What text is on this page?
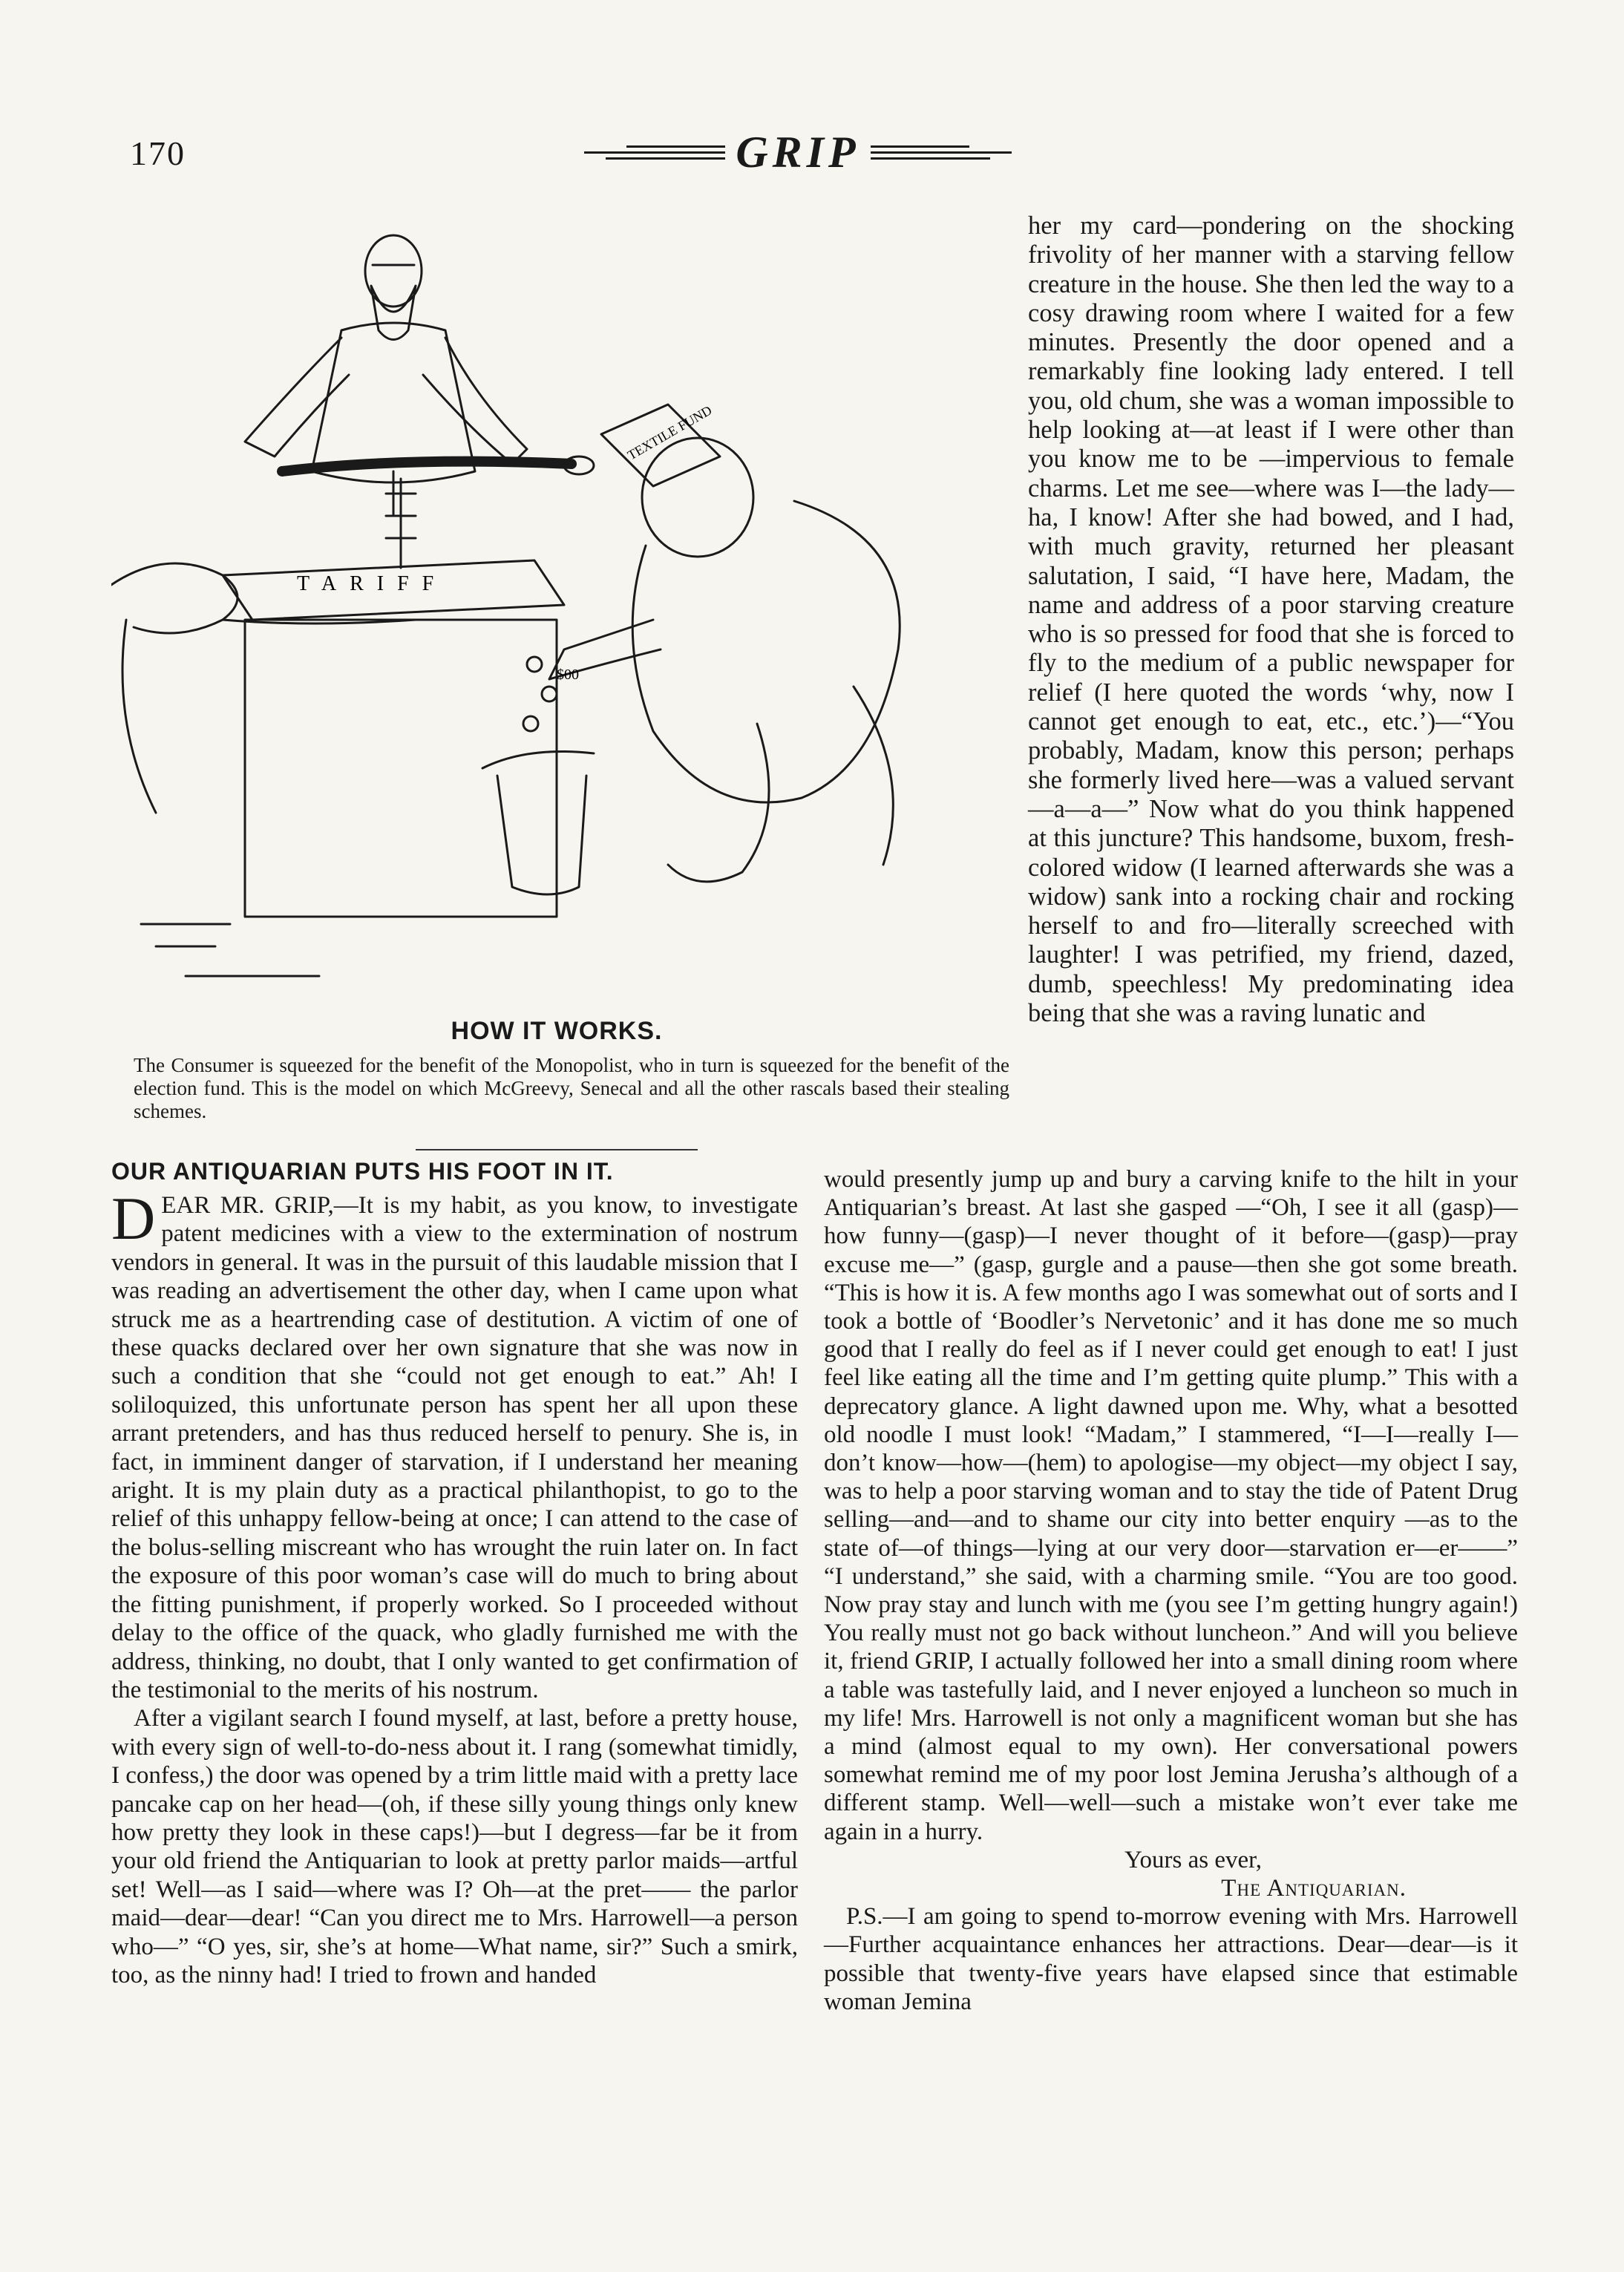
170	GRIP
TARIFF
TEXTILE FUND
$00
HOW IT WORKS.
The Consumer is squeezed for the benefit of the Monopolist, who in turn is squeezed for the benefit of the election fund. This is the model on which McGreevy, Senecal and all the other rascals based their stealing schemes.
her my card—pondering on the shocking frivolity of her manner with a starving fellow creature in the house. She then led the way to a cosy drawing room where I waited for a few minutes. Presently the door opened and a remarkably fine looking lady entered. I tell you, old chum, she was a woman impossible to help looking at—at least if I were other than you know me to be —impervious to female charms. Let me see—where was I—the lady—ha, I know! After she had bowed, and I had, with much gravity, returned her pleasant salutation, I said, “I have here, Madam, the name and address of a poor starving creature who is so pressed for food that she is forced to fly to the medium of a public newspaper for relief (I here quoted the words ‘why, now I cannot get enough to eat, etc., etc.’)—“You probably, Madam, know this person; perhaps she formerly lived here—was a valued servant—a—a—” Now what do you think happened at this juncture? This handsome, buxom, fresh-colored widow (I learned afterwards she was a widow) sank into a rocking chair and rocking herself to and fro—literally screeched with laughter! I was petrified, my friend, dazed, dumb, speechless! My predominating idea being that she was a raving lunatic and
OUR ANTIQUARIAN PUTS HIS FOOT IN IT.

DEAR MR. GRIP,—It is my habit, as you know, to investigate patent medicines with a view to the extermination of nostrum vendors in general. It was in the pursuit of this laudable mission that I was reading an advertisement the other day, when I came upon what struck me as a heartrending case of destitution. A victim of one of these quacks declared over her own signature that she was now in such a condition that she “could not get enough to eat.” Ah! I soliloquized, this unfortunate person has spent her all upon these arrant pretenders, and has thus reduced herself to penury. She is, in fact, in imminent danger of starvation, if I understand her meaning aright. It is my plain duty as a practical philanthopist, to go to the relief of this unhappy fellow-being at once; I can attend to the case of the bolus-selling miscreant who has wrought the ruin later on. In fact the exposure of this poor woman’s case will do much to bring about the fitting punishment, if properly worked. So I proceeded without delay to the office of the quack, who gladly furnished me with the address, thinking, no doubt, that I only wanted to get confirmation of the testimonial to the merits of his nostrum.

After a vigilant search I found myself, at last, before a pretty house, with every sign of well-to-do-ness about it. I rang (somewhat timidly, I confess,) the door was opened by a trim little maid with a pretty lace pancake cap on her head—(oh, if these silly young things only knew how pretty they look in these caps!)—but I degress—far be it from your old friend the Antiquarian to look at pretty parlor maids—artful set! Well—as I said—where was I? Oh—at the pret—— the parlor maid—dear—dear! “Can you direct me to Mrs. Harrowell—a person who—” “O yes, sir, she’s at home—What name, sir?” Such a smirk, too, as the ninny had! I tried to frown and handed

would presently jump up and bury a carving knife to the hilt in your Antiquarian’s breast. At last she gasped —“Oh, I see it all (gasp)—how funny—(gasp)—I never thought of it before—(gasp)—pray excuse me—” (gasp, gurgle and a pause—then she got some breath. “This is how it is. A few months ago I was somewhat out of sorts and I took a bottle of ‘Boodler’s Nervetonic’ and it has done me so much good that I really do feel as if I never could get enough to eat! I just feel like eating all the time and I’m getting quite plump.” This with a deprecatory glance. A light dawned upon me. Why, what a besotted old noodle I must look! “Madam,” I stammered, “I—I—really I—don’t know—how—(hem) to apologise—my object—my object I say, was to help a poor starving woman and to stay the tide of Patent Drug selling—and—and to shame our city into better enquiry —as to the state of—of things—lying at our very door—starvation er—er——” “I understand,” she said, with a charming smile. “You are too good. Now pray stay and lunch with me (you see I’m getting hungry again!) You really must not go back without luncheon.” And will you believe it, friend GRIP, I actually followed her into a small dining room where a table was tastefully laid, and I never enjoyed a luncheon so much in my life! Mrs. Harrowell is not only a magnificent woman but she has a mind (almost equal to my own). Her conversational powers somewhat remind me of my poor lost Jemina Jerusha’s although of a different stamp. Well—well—such a mistake won’t ever take me again in a hurry.

Yours as ever,

The Antiquarian.

P.S.—I am going to spend to-morrow evening with Mrs. Harrowell—Further acquaintance enhances her attractions. Dear—dear—is it possible that twenty-five years have elapsed since that estimable woman Jemina
